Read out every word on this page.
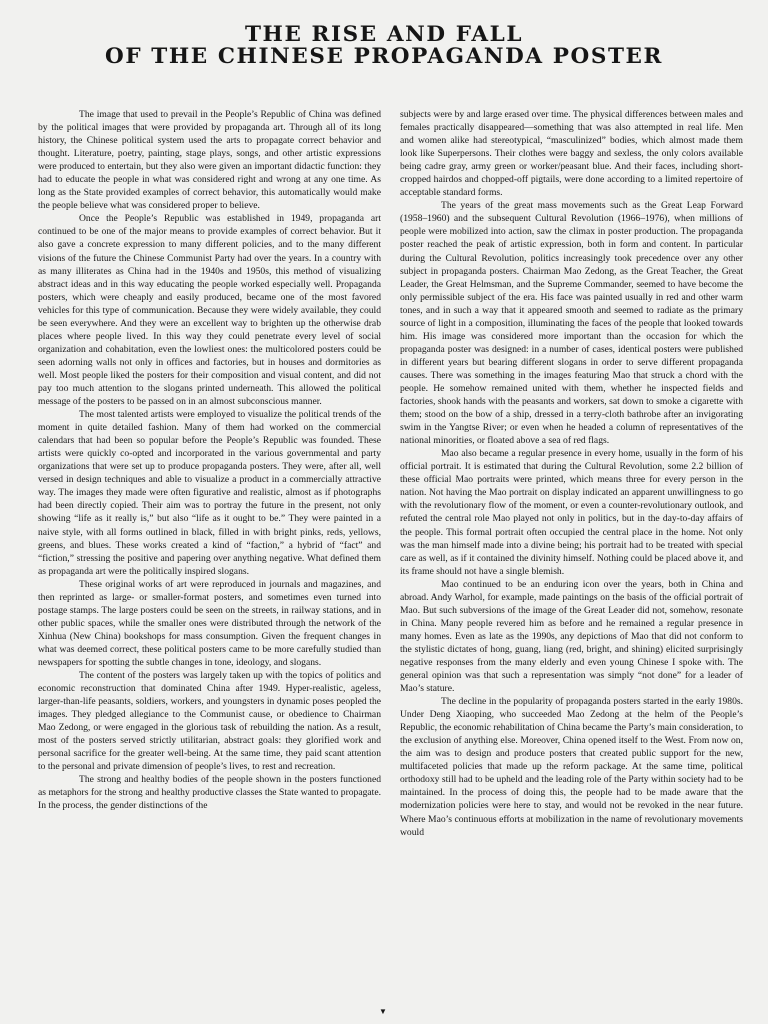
THE RISE AND FALL
OF THE CHINESE PROPAGANDA POSTER

The image that used to prevail in the People’s Republic of China was defined by the political images that were provided by propaganda art. Through all of its long history, the Chinese political system used the arts to propagate correct behavior and thought. Literature, poetry, painting, stage plays, songs, and other artistic expressions were produced to entertain, but they also were given an important didactic function: they had to educate the people in what was considered right and wrong at any one time. As long as the State provided examples of correct behavior, this automatically would make the people believe what was considered proper to believe.

Once the People’s Republic was established in 1949, propaganda art continued to be one of the major means to provide examples of correct behavior. But it also gave a concrete expression to many different policies, and to the many different visions of the future the Chinese Communist Party had over the years. In a country with as many illiterates as China had in the 1940s and 1950s, this method of visualizing abstract ideas and in this way educating the people worked especially well. Propaganda posters, which were cheaply and easily produced, became one of the most favored vehicles for this type of communication. Because they were widely available, they could be seen everywhere. And they were an excellent way to brighten up the otherwise drab places where people lived. In this way they could penetrate every level of social organization and cohabitation, even the lowliest ones: the multicolored posters could be seen adorning walls not only in offices and factories, but in houses and dormitories as well. Most people liked the posters for their composition and visual content, and did not pay too much attention to the slogans printed underneath. This allowed the political message of the posters to be passed on in an almost subconscious manner.

The most talented artists were employed to visualize the political trends of the moment in quite detailed fashion. Many of them had worked on the commercial calendars that had been so popular before the People’s Republic was founded. These artists were quickly co-opted and incorporated in the various governmental and party organizations that were set up to produce propaganda posters. They were, after all, well versed in design techniques and able to visualize a product in a commercially attractive way. The images they made were often figurative and realistic, almost as if photographs had been directly copied. Their aim was to portray the future in the present, not only showing “life as it really is,” but also “life as it ought to be.” They were painted in a naive style, with all forms outlined in black, filled in with bright pinks, reds, yellows, greens, and blues. These works created a kind of “faction,” a hybrid of “fact” and “fiction,” stressing the positive and papering over anything negative. What defined them as propaganda art were the politically inspired slogans.

These original works of art were reproduced in journals and magazines, and then reprinted as large- or smaller-format posters, and sometimes even turned into postage stamps. The large posters could be seen on the streets, in railway stations, and in other public spaces, while the smaller ones were distributed through the network of the Xinhua (New China) bookshops for mass consumption. Given the frequent changes in what was deemed correct, these political posters came to be more carefully studied than newspapers for spotting the subtle changes in tone, ideology, and slogans.

The content of the posters was largely taken up with the topics of politics and economic reconstruction that dominated China after 1949. Hyper-realistic, ageless, larger-than-life peasants, soldiers, workers, and youngsters in dynamic poses peopled the images. They pledged allegiance to the Communist cause, or obedience to Chairman Mao Zedong, or were engaged in the glorious task of rebuilding the nation. As a result, most of the posters served strictly utilitarian, abstract goals: they glorified work and personal sacrifice for the greater well-being. At the same time, they paid scant attention to the personal and private dimension of people’s lives, to rest and recreation.

The strong and healthy bodies of the people shown in the posters functioned as metaphors for the strong and healthy productive classes the State wanted to propagate. In the process, the gender distinctions of the

subjects were by and large erased over time. The physical differences between males and females practically disappeared—something that was also attempted in real life. Men and women alike had stereotypical, “masculinized” bodies, which almost made them look like Superpersons. Their clothes were baggy and sexless, the only colors available being cadre gray, army green or worker/peasant blue. And their faces, including short-cropped hairdos and chopped-off pigtails, were done according to a limited repertoire of acceptable standard forms.

The years of the great mass movements such as the Great Leap Forward (1958–1960) and the subsequent Cultural Revolution (1966–1976), when millions of people were mobilized into action, saw the climax in poster production. The propaganda poster reached the peak of artistic expression, both in form and content. In particular during the Cultural Revolution, politics increasingly took precedence over any other subject in propaganda posters. Chairman Mao Zedong, as the Great Teacher, the Great Leader, the Great Helmsman, and the Supreme Commander, seemed to have become the only permissible subject of the era. His face was painted usually in red and other warm tones, and in such a way that it appeared smooth and seemed to radiate as the primary source of light in a composition, illuminating the faces of the people that looked towards him. His image was considered more important than the occasion for which the propaganda poster was designed: in a number of cases, identical posters were published in different years but bearing different slogans in order to serve different propaganda causes. There was something in the images featuring Mao that struck a chord with the people. He somehow remained united with them, whether he inspected fields and factories, shook hands with the peasants and workers, sat down to smoke a cigarette with them; stood on the bow of a ship, dressed in a terry-cloth bathrobe after an invigorating swim in the Yangtse River; or even when he headed a column of representatives of the national minorities, or floated above a sea of red flags.

Mao also became a regular presence in every home, usually in the form of his official portrait. It is estimated that during the Cultural Revolution, some 2.2 billion of these official Mao portraits were printed, which means three for every person in the nation. Not having the Mao portrait on display indicated an apparent unwillingness to go with the revolutionary flow of the moment, or even a counter-revolutionary outlook, and refuted the central role Mao played not only in politics, but in the day-to-day affairs of the people. This formal portrait often occupied the central place in the home. Not only was the man himself made into a divine being; his portrait had to be treated with special care as well, as if it contained the divinity himself. Nothing could be placed above it, and its frame should not have a single blemish.

Mao continued to be an enduring icon over the years, both in China and abroad. Andy Warhol, for example, made paintings on the basis of the official portrait of Mao. But such subversions of the image of the Great Leader did not, somehow, resonate in China. Many people revered him as before and he remained a regular presence in many homes. Even as late as the 1990s, any depictions of Mao that did not conform to the stylistic dictates of hong, guang, liang (red, bright, and shining) elicited surprisingly negative responses from the many elderly and even young Chinese I spoke with. The general opinion was that such a representation was simply “not done” for a leader of Mao’s stature.

The decline in the popularity of propaganda posters started in the early 1980s. Under Deng Xiaoping, who succeeded Mao Zedong at the helm of the People’s Republic, the economic rehabilitation of China became the Party’s main consideration, to the exclusion of anything else. Moreover, China opened itself to the West. From now on, the aim was to design and produce posters that created public support for the new, multifaceted policies that made up the reform package. At the same time, political orthodoxy still had to be upheld and the leading role of the Party within society had to be maintained. In the process of doing this, the people had to be made aware that the modernization policies were here to stay, and would not be revoked in the near future. Where Mao’s continuous efforts at mobilization in the name of revolutionary movements would

▼
